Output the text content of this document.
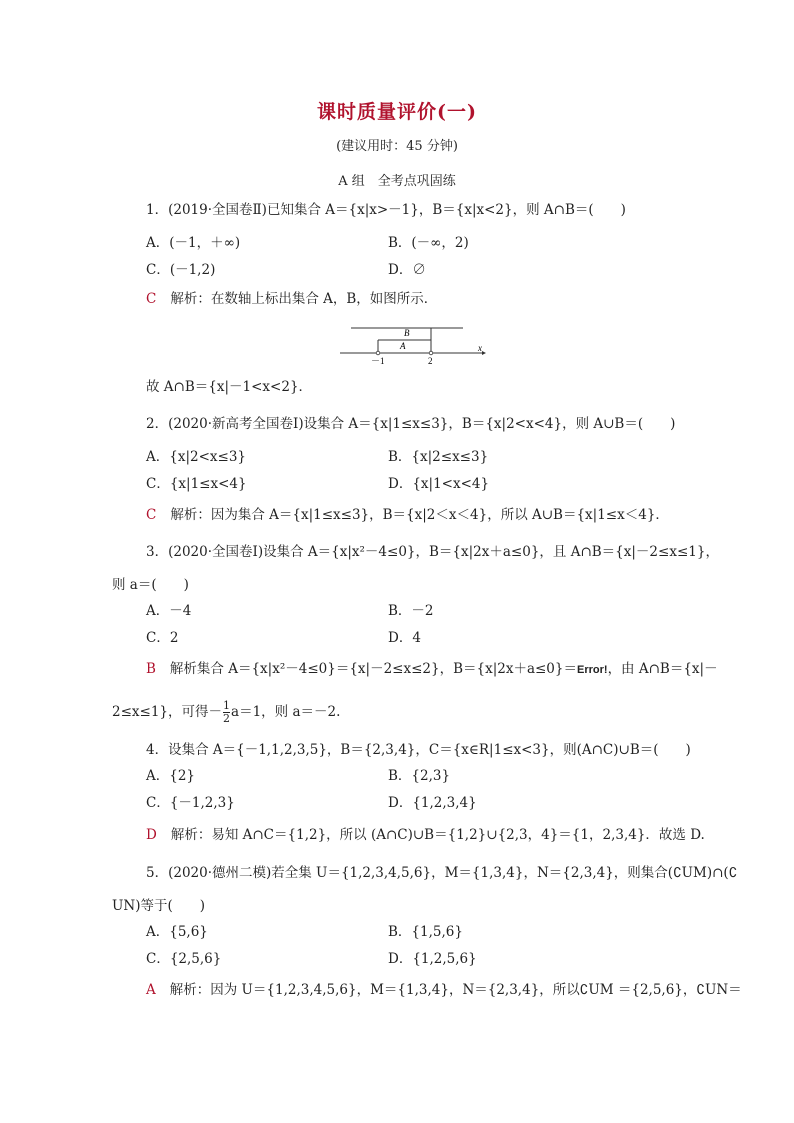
课时质量评价(一)
(建议用时：45 分钟)
A 组　全考点巩固练
1．(2019·全国卷Ⅱ)已知集合 A＝{x|x>－1}，B＝{x|x<2}，则 A∩B＝(　　)
A．(－1，＋∞)	B．(－∞，2)
C．(－1,2)	D．∅
C 解析：在数轴上标出集合 A，B，如图所示．
B
A
－1	2
x
故 A∩B＝{x|－1<x<2}．
2．(2020·新高考全国卷Ⅰ)设集合 A＝{x|1≤x≤3}，B＝{x|2<x<4}，则 A∪B＝(　　)
A．{x|2<x≤3}	B．{x|2≤x≤3}
C．{x|1≤x<4}	D．{x|1<x<4}
C 解析：因为集合 A＝{x|1≤x≤3}，B＝{x|2＜x＜4}，所以 A∪B＝{x|1≤x＜4}．
3．(2020·全国卷Ⅰ)设集合 A＝{x|x²－4≤0}，B＝{x|2x＋a≤0}，且 A∩B＝{x|－2≤x≤1}，
则 a＝(　　)
A．－4	B．－2
C．2	D．4
B 解析集合 A＝{x|x²－4≤0}＝{x|－2≤x≤2}，B＝{x|2x＋a≤0}＝Error!，由 A∩B＝{x|－
2≤x≤1}，可得－ $\frac{1}{2} a=1$，则 a＝－2.
4．设集合 A＝{－1,1,2,3,5}，B＝{2,3,4}，C＝{x∈R|1≤x<3}，则(A∩C)∪B＝(　　)
A．{2}	B．{2,3}
C．{－1,2,3}	D．{1,2,3,4}
D 解析：易知 A∩C＝{1,2}，所以 (A∩C)∪B＝{1,2}∪{2,3，4}＝{1，2,3,4}．故选 D.
5．(2020·德州二模)若全集 U＝{1,2,3,4,5,6}，M＝{1,3,4}，N＝{2,3,4}，则集合(∁UM)∩(∁
UN)等于(　　)
A．{5,6}	B．{1,5,6}
C．{2,5,6}	D．{1,2,5,6}
A 解析：因为 U＝{1,2,3,4,5,6}，M＝{1,3,4}，N＝{2,3,4}，所以∁UM ＝{2,5,6}，∁UN＝
